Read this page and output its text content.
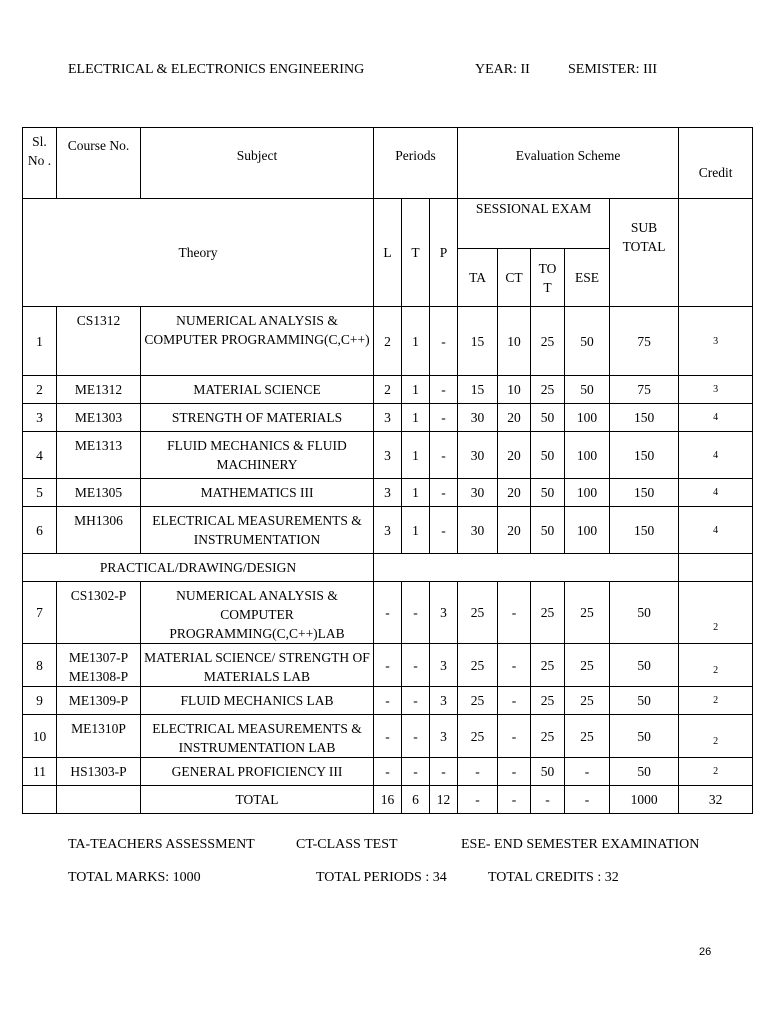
ELECTRICAL & ELECTRONICS ENGINEERING	YEAR: II	SEMISTER: III
Sl. No .	Course No.	Subject	Periods			Evaluation Scheme					Credit
Theory			L	T	P	SESSIONAL EXAM				SUB TOTAL	
						TA	CT	TO T	ESE		
1	CS1312	NUMERICAL ANALYSIS & COMPUTER PROGRAMMING(C,C++)	2	1	-	15	10	25	50	75	3
2	ME1312	MATERIAL SCIENCE	2	1	-	15	10	25	50	75	3
3	ME1303	STRENGTH OF MATERIALS	3	1	-	30	20	50	100	150	4
4	ME1313	FLUID MECHANICS & FLUID MACHINERY	3	1	-	30	20	50	100	150	4
5	ME1305	MATHEMATICS III	3	1	-	30	20	50	100	150	4
6	MH1306	ELECTRICAL MEASUREMENTS & INSTRUMENTATION	3	1	-	30	20	50	100	150	4
PRACTICAL/DRAWING/DESIGN											
7	CS1302-P	NUMERICAL ANALYSIS & COMPUTER PROGRAMMING(C,C++)LAB	-	-	3	25	-	25	25	50	2
8	ME1307-P ME1308-P	MATERIAL SCIENCE/ STRENGTH OF MATERIALS LAB	-	-	3	25	-	25	25	50	2
9	ME1309-P	FLUID MECHANICS LAB	-	-	3	25	-	25	25	50	2
10	ME1310P	ELECTRICAL MEASUREMENTS & INSTRUMENTATION LAB	-	-	3	25	-	25	25	50	2
11	HS1303-P	GENERAL PROFICIENCY III	-	-	-	-	-	50	-	50	2
		TOTAL	16	6	12	-	-	-	-	1000	32
TA-TEACHERS ASSESSMENT	CT-CLASS TEST	ESE- END SEMESTER EXAMINATION
TOTAL MARKS: 1000	TOTAL PERIODS : 34	TOTAL CREDITS : 32
26
